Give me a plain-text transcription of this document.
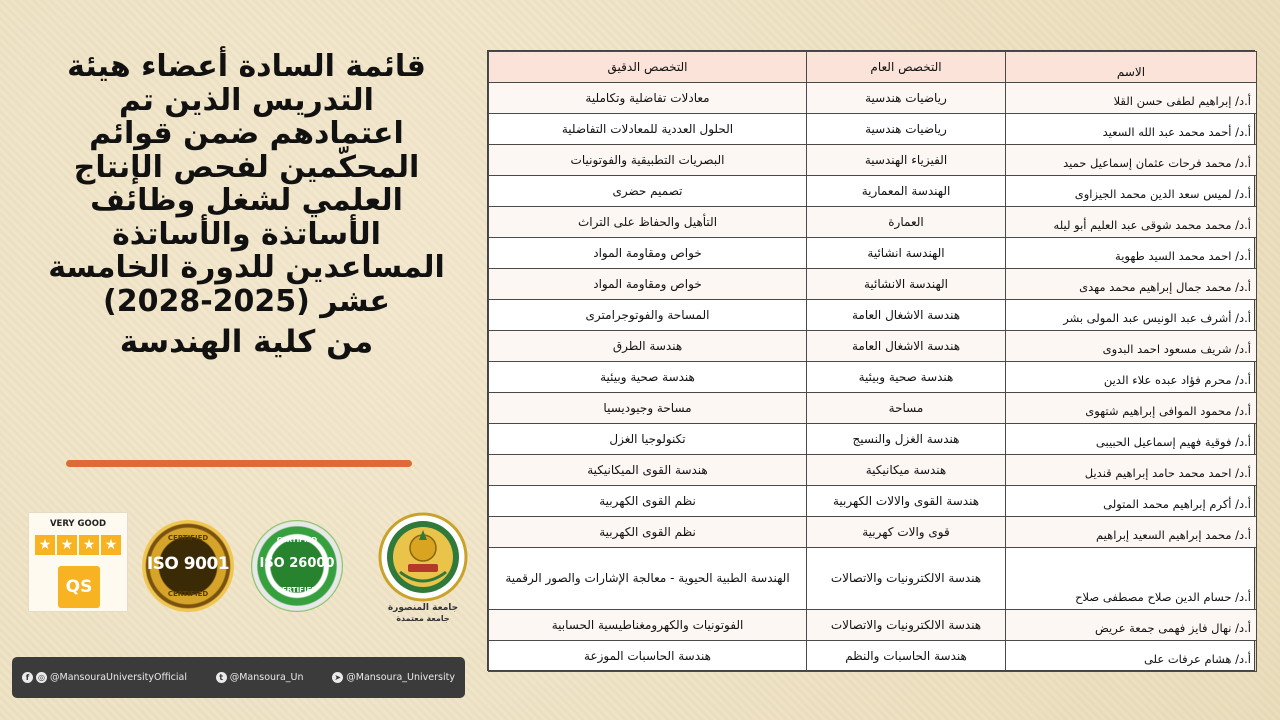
الاسم	التخصص العام	التخصص الدقيق
أ.د/ إبراهيم لطفى حسن القلا	رياضيات هندسية	معادلات تفاضلية وتكاملية
أ.د/ أحمد محمد عبد الله السعيد	رياضيات هندسية	الحلول العددية للمعادلات التفاضلية
أ.د/ محمد فرحات عثمان إسماعيل حميد	الفيزياء الهندسية	البصريات التطبيقية والفوتونيات
أ.د/ لميس سعد الدين محمد الجيزاوى	الهندسة المعمارية	تصميم حضرى
أ.د/ محمد محمد شوقى عبد العليم أبو ليله	العمارة	التأهيل والحفاظ على التراث
أ.د/ احمد محمد السيد طهوية	الهندسة انشائية	خواص ومقاومة المواد
أ.د/ محمد جمال إبراهيم محمد مهدى	الهندسة الانشائية	خواص ومقاومة المواد
أ.د/ أشرف عبد الونيس عبد المولى بشر	هندسة الاشغال العامة	المساحة والفوتوجرامترى
أ.د/ شريف مسعود احمد البدوى	هندسة الاشغال العامة	هندسة الطرق
أ.د/ محرم فؤاد عبده علاء الدين	هندسة صحية وبيئية	هندسة صحية وبيئية
أ.د/ محمود الموافى إبراهيم شتهوى	مساحة	مساحة وجيوديسيا
أ.د/ فوقية فهيم إسماعيل الحبيبى	هندسة الغزل والنسيج	تكنولوجيا الغزل
أ.د/ احمد محمد حامد إبراهيم قنديل	هندسة ميكانيكية	هندسة القوى الميكانيكية
أ.د/ أكرم إبراهيم محمد المتولى	هندسة القوى والالات الكهربية	نظم القوى الكهربية
أ.د/ محمد إبراهيم السعيد إبراهيم	قوى والات كهربية	نظم القوى الكهربية
أ.د/ حسام الدين صلاح مصطفى صلاح	هندسة الالكترونيات والاتصالات	الهندسة الطبية الحيوية - معالجة الإشارات والصور الرقمية
أ.د/ نهال فايز فهمى جمعة عريض	هندسة الالكترونيات والاتصالات	الفوتونيات والكهرومغناطيسية الحسابية
أ.د/ هشام عرفات على	هندسة الحاسبات والنظم	هندسة الحاسبات الموزعة
قائمة السادة أعضاء هيئة
التدريس الذين تم
اعتمادهم ضمن قوائم
المحكّمين لفحص الإنتاج
العلمي لشغل وظائف
الأساتذة والأساتذة
المساعدين للدورة الخامسة
عشر (2025-2028)
من كلية الهندسة
VERY GOOD
★ ★ ★ ★
QS
CERTIFIED
ISO 9001
CERTIFIED
CERTIFIED
ISO 26000
CERTIFIED
جامعة المنصورة
جامعة معتمدة
f	◎ @MansouraUniversityOfficial	t @Mansoura_Un	➤ @Mansoura_University
